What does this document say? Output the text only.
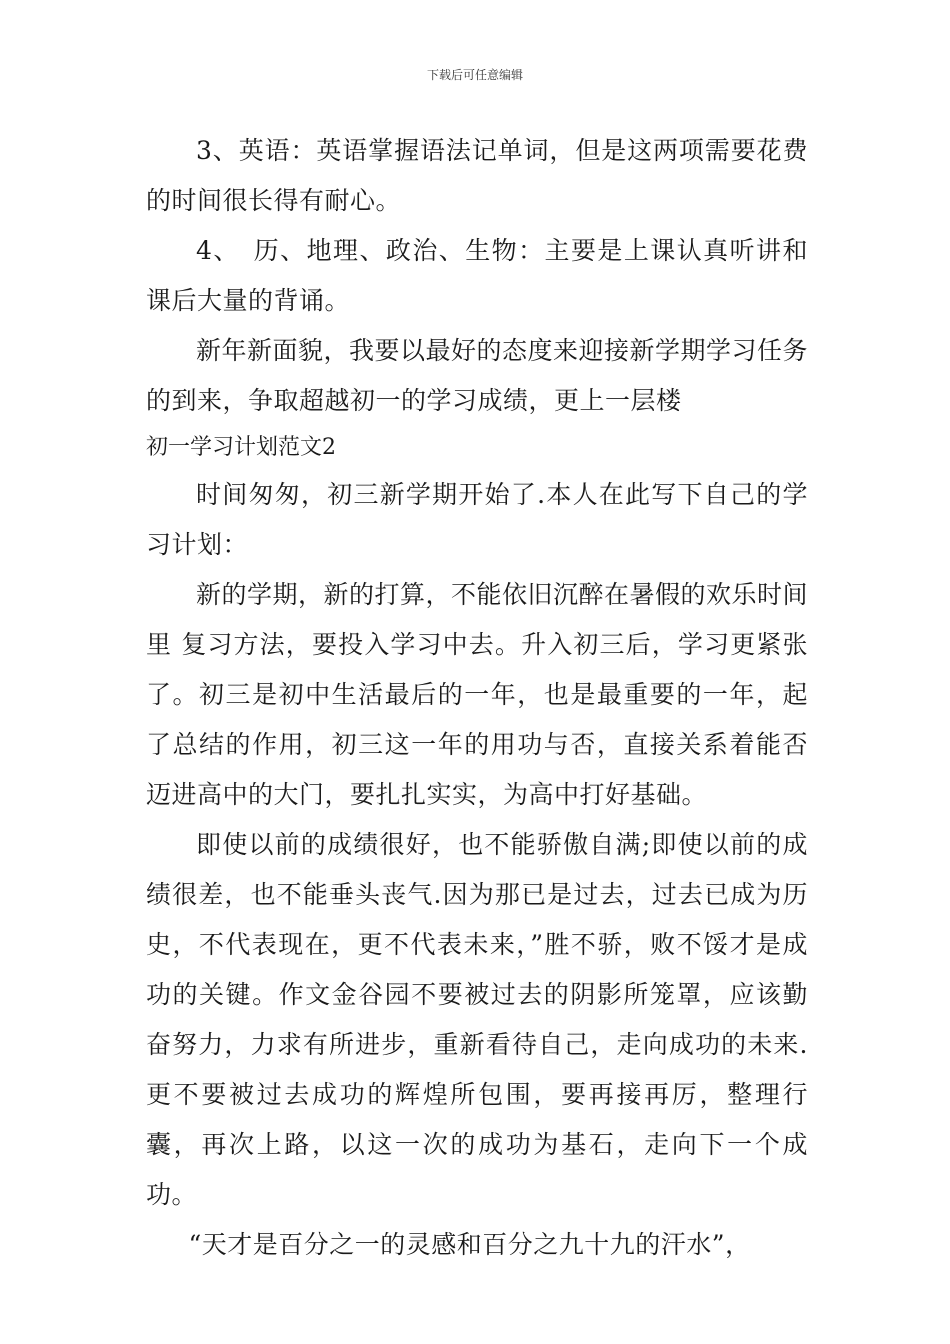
下载后可任意编辑

3、英语：英语掌握语法记单词，但是这两项需要花费的时间很长得有耐心。

4、　历、地理、政治、生物：主要是上课认真听讲和课后大量的背诵。

新年新面貌，我要以最好的态度来迎接新学期学习任务的到来，争取超越初一的学习成绩，更上一层楼

初一学习计划范文2

时间匆匆，初三新学期开始了.本人在此写下自己的学习计划：

新的学期，新的打算，不能依旧沉醉在暑假的欢乐时间里 复习方法，要投入学习中去。升入初三后，学习更紧张了。初三是初中生活最后的一年，也是最重要的一年，起了总结的作用，初三这一年的用功与否，直接关系着能否迈进高中的大门，要扎扎实实，为高中打好基础。

即使以前的成绩很好，也不能骄傲自满;即使以前的成绩很差，也不能垂头丧气.因为那已是过去，过去已成为历史，不代表现在，更不代表未来，”胜不骄，败不馁才是成功的关键。作文金谷园不要被过去的阴影所笼罩，应该勤奋努力，力求有所进步，重新看待自己，走向成功的未来.更不要被过去成功的辉煌所包围，要再接再厉，整理行囊，再次上路，以这一次的成功为基石，走向下一个成功。

“天才是百分之一的灵感和百分之九十九的汗水”，
